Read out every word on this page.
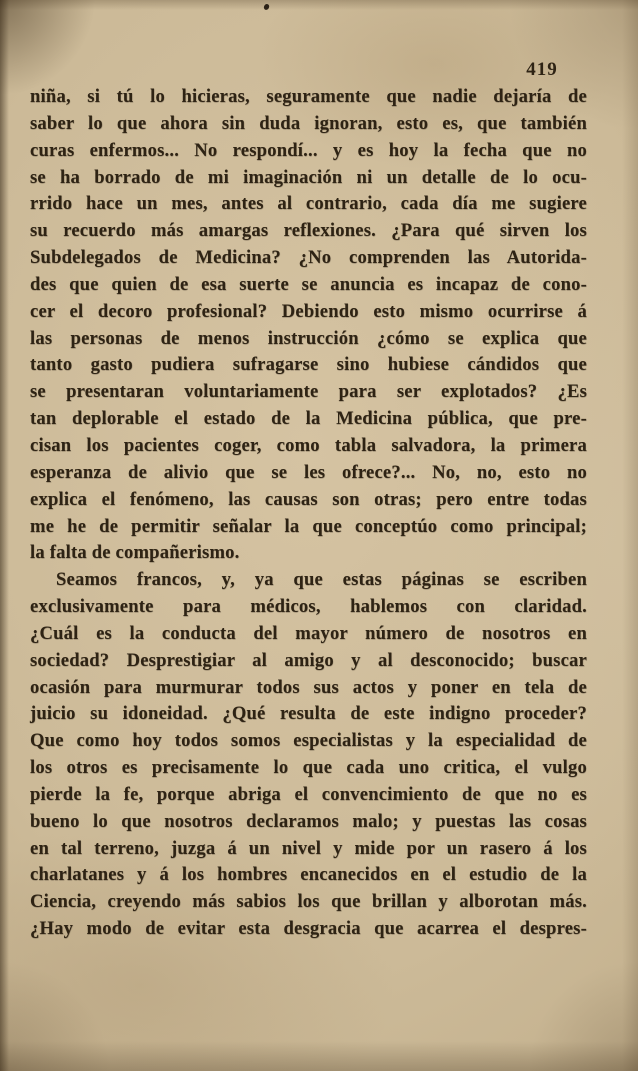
419
niña, si tú lo hicieras, seguramente que nadie dejaría de
saber lo que ahora sin duda ignoran, esto es, que también
curas enfermos... No respondí... y es hoy la fecha que no
se ha borrado de mi imaginación ni un detalle de lo ocu-
rrido hace un mes, antes al contrario, cada día me sugiere
su recuerdo más amargas reflexiones. ¿Para qué sirven los
Subdelegados de Medicina? ¿No comprenden las Autorida-
des que quien de esa suerte se anuncia es incapaz de cono-
cer el decoro profesional? Debiendo esto mismo ocurrirse á
las personas de menos instrucción ¿cómo se explica que
tanto gasto pudiera sufragarse sino hubiese cándidos que
se presentaran voluntariamente para ser explotados? ¿Es
tan deplorable el estado de la Medicina pública, que pre-
cisan los pacientes coger, como tabla salvadora, la primera
esperanza de alivio que se les ofrece?... No, no, esto no
explica el fenómeno, las causas son otras; pero entre todas
me he de permitir señalar la que conceptúo como principal;
la falta de compañerismo.
Seamos francos, y, ya que estas páginas se escriben
exclusivamente para médicos, hablemos con claridad.
¿Cuál es la conducta del mayor número de nosotros en
sociedad? Desprestigiar al amigo y al desconocido; buscar
ocasión para murmurar todos sus actos y poner en tela de
juicio su idoneidad. ¿Qué resulta de este indigno proceder?
Que como hoy todos somos especialistas y la especialidad de
los otros es precisamente lo que cada uno critica, el vulgo
pierde la fe, porque abriga el convencimiento de que no es
bueno lo que nosotros declaramos malo; y puestas las cosas
en tal terreno, juzga á un nivel y mide por un rasero á los
charlatanes y á los hombres encanecidos en el estudio de la
Ciencia, creyendo más sabios los que brillan y alborotan más.
¿Hay modo de evitar esta desgracia que acarrea el despres-
